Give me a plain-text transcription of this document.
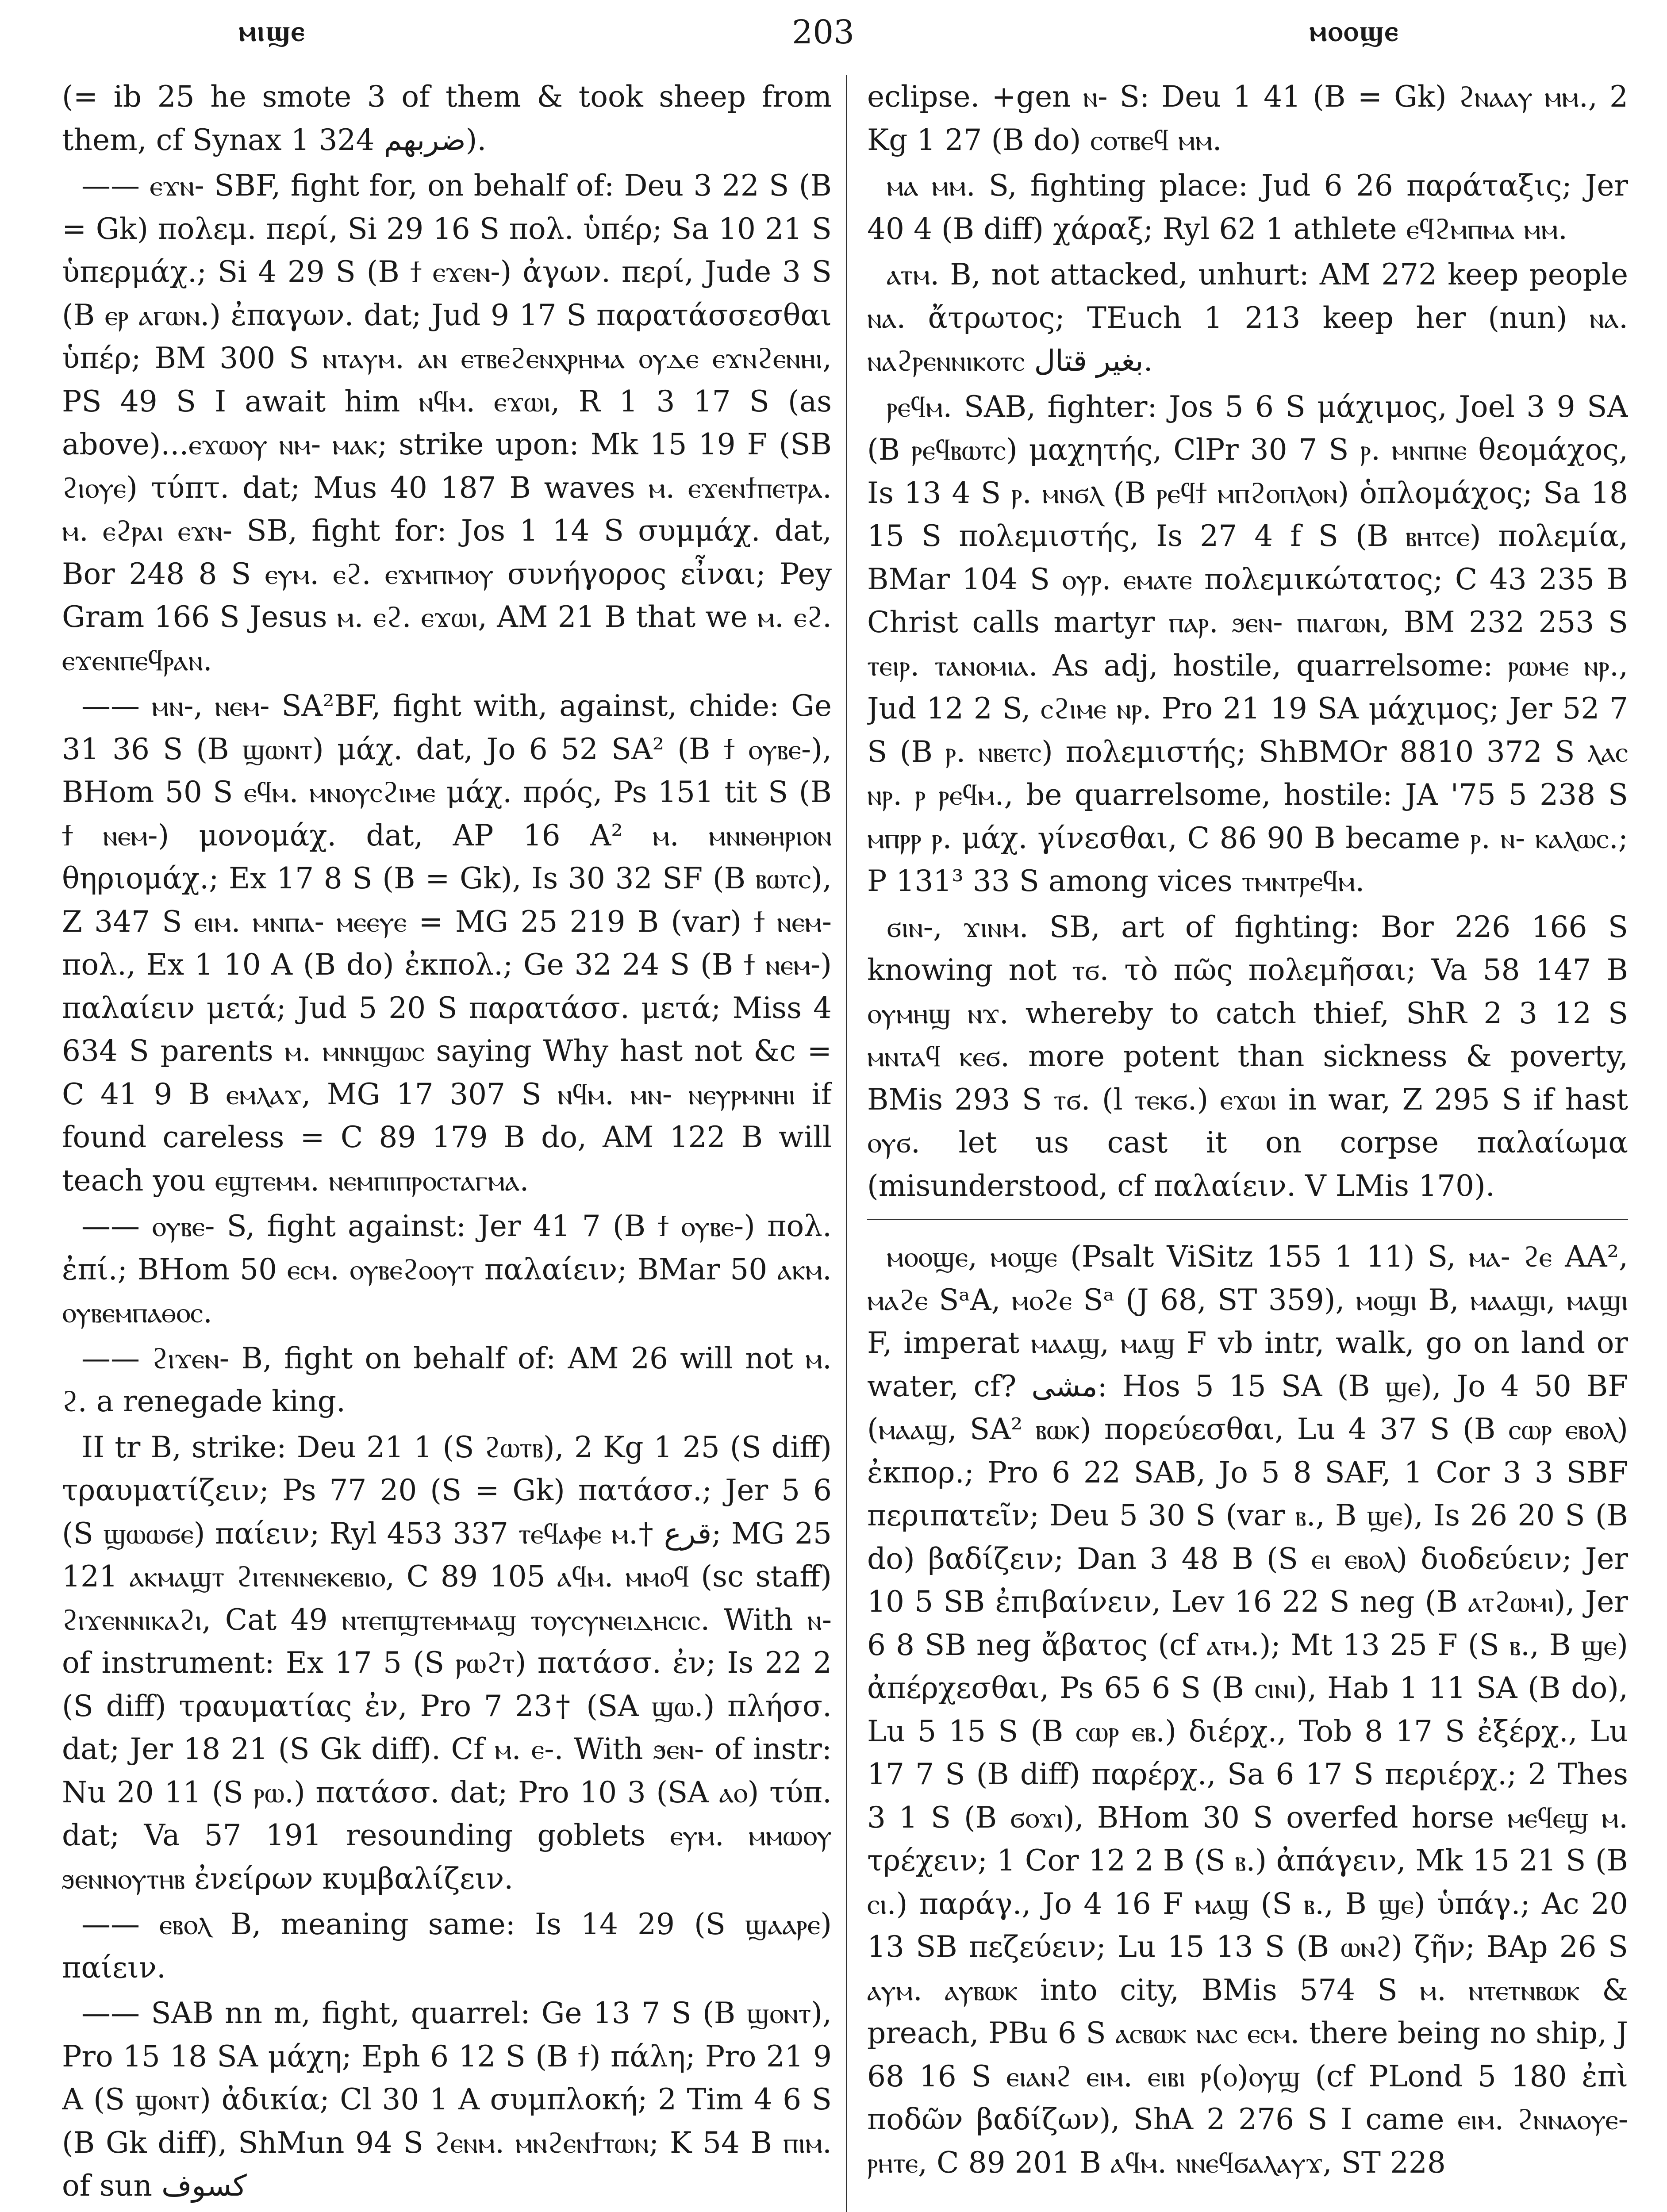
ⲙⲓϣⲉ	203	ⲙⲟⲟϣⲉ

(= ib 25 he smote 3 of them & took sheep from them, cf Synax 1 324 ضربهم).

—— ⲉϫⲛ- SBF, fight for, on behalf of: Deu 3 22 S (B = Gk) πολεμ. περί, Si 29 16 S πολ. ὑπέρ; Sa 10 21 S ὑπερμάχ.; Si 4 29 S (B ϯ ⲉϫⲉⲛ-) ἀγων. περί, Jude 3 S (B ⲉⲣ ⲁⲅⲱⲛ.) ἐπαγων. dat; Jud 9 17 S παρατάσσεσθαι ὑπέρ; BM 300 S ⲛⲧⲁⲩⲙ. ⲁⲛ ⲉⲧⲃⲉϩⲉⲛⲭⲣⲏⲙⲁ ⲟⲩⲇⲉ ⲉϫⲛϩⲉⲛⲏⲓ, PS 49 S I await him ⲛϥⲙ. ⲉϫⲱⲓ, R 1 3 17 S (as above)...ⲉϫⲱⲟⲩ ⲛⲙ- ⲙⲁⲕ; strike upon: Mk 15 19 F (SB ϩⲓⲟⲩⲉ) τύπτ. dat; Mus 40 187 B waves ⲙ. ⲉϫⲉⲛϯⲡⲉⲧⲣⲁ. ⲙ. ⲉϩⲣⲁⲓ ⲉϫⲛ- SB, fight for: Jos 1 14 S συμμάχ. dat, Bor 248 8 S ⲉⲩⲙ. ⲉϩ. ⲉϫⲙⲡⲙⲟⲩ συνήγορος εἶναι; Pey Gram 166 S Jesus ⲙ. ⲉϩ. ⲉϫⲱⲓ, AM 21 B that we ⲙ. ⲉϩ. ⲉϫⲉⲛⲡⲉϥⲣⲁⲛ.

—— ⲙⲛ-, ⲛⲉⲙ- SA²BF, fight with, against, chide: Ge 31 36 S (B ϣⲱⲛⲧ) μάχ. dat, Jo 6 52 SA² (B ϯ ⲟⲩⲃⲉ-), BHom 50 S ⲉϥⲙ. ⲙⲛⲟⲩⲥϩⲓⲙⲉ μάχ. πρός, Ps 151 tit S (B ϯ ⲛⲉⲙ-) μονομάχ. dat, AP 16 A² ⲙ. ⲙⲛⲛⲑⲏⲣⲓⲟⲛ θηριομάχ.; Ex 17 8 S (B = Gk), Is 30 32 SF (B ⲃⲱⲧⲥ), Z 347 S ⲉⲓⲙ. ⲙⲛⲡⲁ- ⲙⲉⲉⲩⲉ = MG 25 219 B (var) ϯ ⲛⲉⲙ- πολ., Ex 1 10 A (B do) ἐκπολ.; Ge 32 24 S (B ϯ ⲛⲉⲙ-) παλαίειν μετά; Jud 5 20 S παρατάσσ. μετά; Miss 4 634 S parents ⲙ. ⲙⲛⲛϣⲱⲥ saying Why hast not &c = C 41 9 B ⲉⲙⲗⲁϫ, MG 17 307 S ⲛϥⲙ. ⲙⲛ- ⲛⲉⲩⲣⲙⲛⲏⲓ if found careless = C 89 179 B do, AM 122 B will teach you ⲉϣⲧⲉⲙⲙ. ⲛⲉⲙⲡⲓⲡⲣⲟⲥⲧⲁⲅⲙⲁ.

—— ⲟⲩⲃⲉ- S, fight against: Jer 41 7 (B ϯ ⲟⲩⲃⲉ-) πολ. ἐπί.; BHom 50 ⲉⲥⲙ. ⲟⲩⲃⲉϩⲟⲟⲩⲧ παλαίειν; BMar 50 ⲁⲕⲙ. ⲟⲩⲃⲉⲙⲡⲁⲑⲟⲥ.

—— ϩⲓϫⲉⲛ- B, fight on behalf of: AM 26 will not ⲙ. ϩ. a renegade king.

II tr B, strike: Deu 21 1 (S ϩⲱⲧⲃ), 2 Kg 1 25 (S diff) τραυματίζειν; Ps 77 20 (S = Gk) πατάσσ.; Jer 5 6 (S ϣⲱⲱϭⲉ) παίειν; Ryl 453 337 ⲧⲉϥⲁⲫⲉ ⲙ.† قرع; MG 25 121 ⲁⲕⲙⲁϣⲧ ϩⲓⲧⲉⲛⲛⲉⲕⲉⲃⲓⲟ, C 89 105 ⲁϥⲙ. ⲙⲙⲟϥ (sc staff) ϩⲓϫⲉⲛⲛⲓⲕⲁϩⲓ, Cat 49 ⲛⲧⲉⲡϣⲧⲉⲙⲙⲁϣ ⲧⲟⲩⲥⲩⲛⲉⲓⲇⲏⲥⲓⲥ. With ⲛ- of instrument: Ex 17 5 (S ⲣⲱϩⲧ) πατάσσ. ἐν; Is 22 2 (S diff) τραυματίας ἐν, Pro 7 23† (SA ϣⲱ.) πλήσσ. dat; Jer 18 21 (S Gk diff). Cf ⲙ. ⲉ-. With ϧⲉⲛ- of instr: Nu 20 11 (S ⲣⲱ.) πατάσσ. dat; Pro 10 3 (SA ⲁⲟ) τύπ. dat; Va 57 191 resounding goblets ⲉⲩⲙ. ⲙⲙⲱⲟⲩ ϧⲉⲛⲛⲟⲩⲧⲏⲃ ἐνείρων κυμβαλίζειν.

—— ⲉⲃⲟⲗ B, meaning same: Is 14 29 (S ϣⲁⲁⲣⲉ) παίειν.

—— SAB nn m, fight, quarrel: Ge 13 7 S (B ϣⲟⲛⲧ), Pro 15 18 SA μάχη; Eph 6 12 S (B ϯ) πάλη; Pro 21 9 A (S ϣⲟⲛⲧ) ἀδικία; Cl 30 1 A συμπλοκή; 2 Tim 4 6 S (B Gk diff), ShMun 94 S ϩⲉⲛⲙ. ⲙⲛϩⲉⲛϯⲧⲱⲛ; K 54 B ⲡⲓⲙ. of sun كسوف

eclipse. +gen ⲛ- S: Deu 1 41 (B = Gk) ϩⲛⲁⲁⲩ ⲙⲙ., 2 Kg 1 27 (B do) ⲥⲟⲧⲃⲉϥ ⲙⲙ.

ⲙⲁ ⲙⲙ. S, fighting place: Jud 6 26 παράταξις; Jer 40 4 (B diff) χάραξ; Ryl 62 1 athlete ⲉϥϩⲙⲡⲙⲁ ⲙⲙ.

ⲁⲧⲙ. B, not attacked, unhurt: AM 272 keep people ⲛⲁ. ἄτρωτος; TEuch 1 213 keep her (nun) ⲛⲁ. ⲛⲁϩⲣⲉⲛⲛⲓⲕⲟⲧⲥ بغير قتال.

ⲣⲉϥⲙ. SAB, fighter: Jos 5 6 S μάχιμος, Joel 3 9 SA (B ⲣⲉϥⲃⲱⲧⲥ) μαχητής, ClPr 30 7 S ⲣ. ⲙⲛⲡⲛⲉ θεομάχος, Is 13 4 S ⲣ. ⲙⲛϭⲗ (B ⲣⲉϥϯ ⲙⲡϩⲟⲡⲗⲟⲛ) ὁπλομάχος; Sa 18 15 S πολεμιστής, Is 27 4 f S (B ⲃⲏⲧⲥⲉ) πολεμία, BMar 104 S ⲟⲩⲣ. ⲉⲙⲁⲧⲉ πολεμικώτατος; C 43 235 B Christ calls martyr ⲡⲁⲣ. ϧⲉⲛ- ⲡⲓⲁⲅⲱⲛ, BM 232 253 S ⲧⲉⲓⲣ. ⲧⲁⲛⲟⲙⲓⲁ. As adj, hostile, quarrelsome: ⲣⲱⲙⲉ ⲛⲣ., Jud 12 2 S, ⲥϩⲓⲙⲉ ⲛⲣ. Pro 21 19 SA μάχιμος; Jer 52 7 S (B ⲣ. ⲛⲃⲉⲧⲥ) πολεμιστής; ShBMOr 8810 372 S ⲗⲁⲥ ⲛⲣ. ⲣ ⲣⲉϥⲙ., be quarrelsome, hostile: JA '75 5 238 S ⲙⲡⲣⲣ ⲣ. μάχ. γίνεσθαι, C 86 90 B became ⲣ. ⲛ- ⲕⲁⲗⲱⲥ.; P 131³ 33 S among vices ⲧⲙⲛⲧⲣⲉϥⲙ.

ϭⲓⲛ-, ϫⲓⲛⲙ. SB, art of fighting: Bor 226 166 S knowing not ⲧϭ. τὸ πῶς πολεμῆσαι; Va 58 147 B ⲟⲩⲙⲏϣ ⲛϫ. whereby to catch thief, ShR 2 3 12 S ⲙⲛⲧⲁϥ ⲕⲉϭ. more potent than sickness & poverty, BMis 293 S ⲧϭ. (l ⲧⲉⲕϭ.) ⲉϫⲱⲓ in war, Z 295 S if hast ⲟⲩϭ. let us cast it on corpse παλαίωμα (misunderstood, cf παλαίειν. V LMis 170).

ⲙⲟⲟϣⲉ, ⲙⲟϣⲉ (Psalt ViSitz 155 1 11) S, ⲙⲁ- ϩⲉ AA², ⲙⲁϩⲉ SᵃA, ⲙⲟϩⲉ Sᵃ (J 68, ST 359), ⲙⲟϣⲓ B, ⲙⲁⲁϣⲓ, ⲙⲁϣⲓ F, imperat ⲙⲁⲁϣ, ⲙⲁϣ F vb intr, walk, go on land or water, cf? مشى: Hos 5 15 SA (B ϣⲉ), Jo 4 50 BF (ⲙⲁⲁϣ, SA² ⲃⲱⲕ) πορεύεσθαι, Lu 4 37 S (B ⲥⲱⲣ ⲉⲃⲟⲗ) ἐκπορ.; Pro 6 22 SAB, Jo 5 8 SAF, 1 Cor 3 3 SBF περιπατεῖν; Deu 5 30 S (var ⲃ., B ϣⲉ), Is 26 20 S (B do) βαδίζειν; Dan 3 48 B (S ⲉⲓ ⲉⲃⲟⲗ) διοδεύειν; Jer 10 5 SB ἐπιβαίνειν, Lev 16 22 S neg (B ⲁⲧϩⲱⲙⲓ), Jer 6 8 SB neg ἄβατος (cf ⲁⲧⲙ.); Mt 13 25 F (S ⲃ., B ϣⲉ) ἀπέρχεσθαι, Ps 65 6 S (B ⲥⲓⲛⲓ), Hab 1 11 SA (B do), Lu 5 15 S (B ⲥⲱⲣ ⲉⲃ.) διέρχ., Tob 8 17 S ἐξέρχ., Lu 17 7 S (B diff) παρέρχ., Sa 6 17 S περιέρχ.; 2 Thes 3 1 S (B ϭⲟϫⲓ), BHom 30 S overfed horse ⲙⲉϥⲉϣ ⲙ. τρέχειν; 1 Cor 12 2 B (S ⲃ.) ἀπάγειν, Mk 15 21 S (B ⲥⲓ.) παράγ., Jo 4 16 F ⲙⲁϣ (S ⲃ., B ϣⲉ) ὑπάγ.; Ac 20 13 SB πεζεύειν; Lu 15 13 S (B ⲱⲛϩ) ζῆν; BAp 26 S ⲁⲩⲙ. ⲁⲩⲃⲱⲕ into city, BMis 574 S ⲙ. ⲛⲧⲉⲧⲛⲃⲱⲕ & preach, PBu 6 S ⲁⲥⲃⲱⲕ ⲛⲁⲥ ⲉⲥⲙ. there being no ship, J 68 16 S ⲉⲓⲁⲛϩ ⲉⲓⲙ. ⲉⲓⲃⲓ ⲣ(ⲟ)ⲟⲩϣ (cf PLond 5 180 ἐπὶ ποδῶν βαδίζων), ShA 2 276 S I came ⲉⲓⲙ. ϩⲛⲛⲁⲟⲩⲉ- ⲣⲏⲧⲉ, C 89 201 B ⲁϥⲙ. ⲛⲛⲉϥϭⲁⲗⲁⲩϫ, ST 228
